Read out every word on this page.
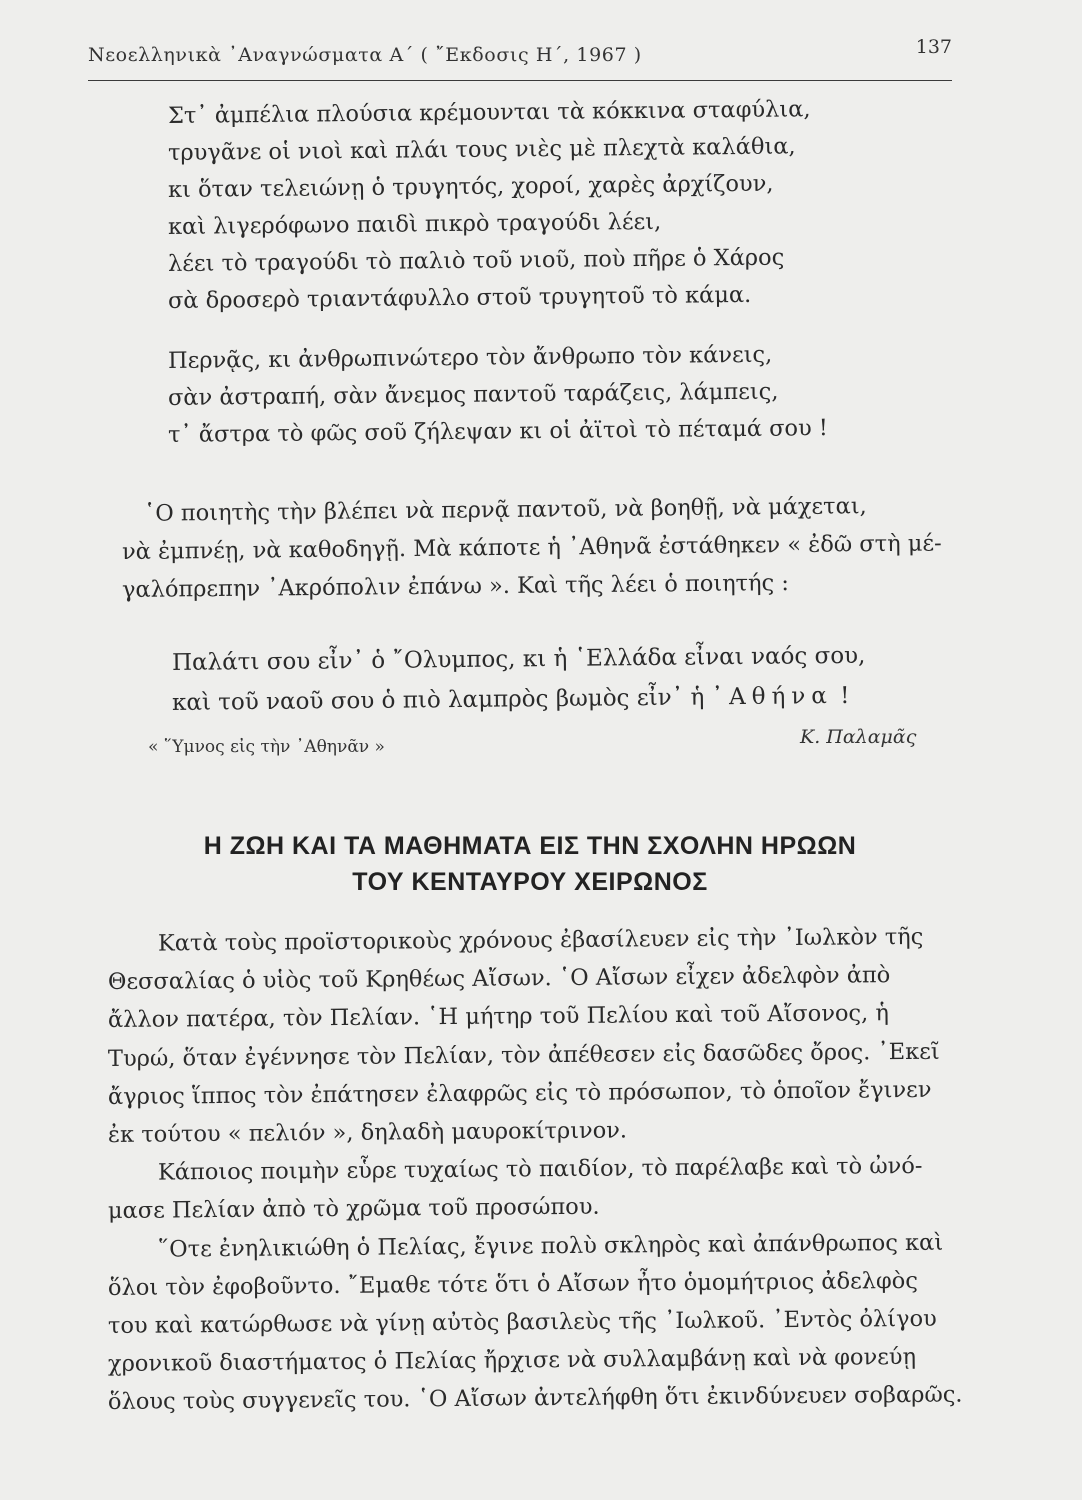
Νεοελληνικὰ ᾿Αναγνώσματα Α΄ ( ῎Εκδοσις Η΄, 1967 )	137
Στ᾿ ἀμπέλια πλούσια κρέμουνται τὰ κόκκινα σταφύλια,
τρυγᾶνε οἱ νιοὶ καὶ πλάι τους νιὲς μὲ πλεχτὰ καλάθια,
κι ὅταν τελειώνῃ ὁ τρυγητός, χοροί, χαρὲς ἀρχίζουν,
καὶ λιγερόφωνο παιδὶ πικρὸ τραγούδι λέει,
λέει τὸ τραγούδι τὸ παλιὸ τοῦ νιοῦ, ποὺ πῆρε ὁ Χάρος
σὰ δροσερὸ τριαντάφυλλο στοῦ τρυγητοῦ τὸ κάμα.
Περνᾷς, κι ἀνθρωπινώτερο τὸν ἄνθρωπο τὸν κάνεις,
σὰν ἀστραπή, σὰν ἄνεμος παντοῦ ταράζεις, λάμπεις,
τ᾿ ἄστρα τὸ φῶς σοῦ ζήλεψαν κι οἱ ἀϊτοὶ τὸ πέταμά σου !
῾Ο ποιητὴς τὴν βλέπει νὰ περνᾷ παντοῦ, νὰ βοηθῇ, νὰ μάχεται,
νὰ ἐμπνέῃ, νὰ καθοδηγῇ. Μὰ κάποτε ἡ ᾿Αθηνᾶ ἐστάθηκεν « ἐδῶ στὴ μέ-
γαλόπρεπην ᾿Ακρόπολιν ἐπάνω ». Καὶ τῆς λέει ὁ ποιητής :
Παλάτι σου εἶν᾿ ὁ ῎Ολυμπος, κι ἡ ῾Ελλάδα εἶναι ναός σου,
καὶ τοῦ ναοῦ σου ὁ πιὸ λαμπρὸς βωμὸς εἶν᾿ ἡ ᾿Αθήνα !
Κ. Παλαμᾶς
« ῞Υμνος εἰς τὴν ᾿Αθηνᾶν »
Η ΖΩΗ ΚΑΙ ΤΑ ΜΑΘΗΜΑΤΑ ΕΙΣ ΤΗΝ ΣΧΟΛΗΝ ΗΡΩΩΝ
ΤΟΥ ΚΕΝΤΑΥΡΟΥ ΧΕΙΡΩΝΟΣ
Κατὰ τοὺς προϊστορικοὺς χρόνους ἐβασίλευεν εἰς τὴν ᾿Ιωλκὸν τῆς
Θεσσαλίας ὁ υἱὸς τοῦ Κρηθέως Αἴσων. ῾Ο Αἴσων εἶχεν ἀδελφὸν ἀπὸ
ἄλλον πατέρα, τὸν Πελίαν. ῾Η μήτηρ τοῦ Πελίου καὶ τοῦ Αἴσονος, ἡ
Τυρώ, ὅταν ἐγέννησε τὸν Πελίαν, τὸν ἀπέθεσεν εἰς δασῶδες ὄρος. ᾿Εκεῖ
ἄγριος ἵππος τὸν ἐπάτησεν ἐλαφρῶς εἰς τὸ πρόσωπον, τὸ ὁποῖον ἔγινεν
ἐκ τούτου « πελιόν », δηλαδὴ μαυροκίτρινον.
Κάποιος ποιμὴν εὗρε τυχαίως τὸ παιδίον, τὸ παρέλαβε καὶ τὸ ὠνό-
μασε Πελίαν ἀπὸ τὸ χρῶμα τοῦ προσώπου.
῞Οτε ἐνηλικιώθη ὁ Πελίας, ἔγινε πολὺ σκληρὸς καὶ ἀπάνθρωπος καὶ
ὅλοι τὸν ἐφοβοῦντο. ῎Εμαθε τότε ὅτι ὁ Αἴσων ἦτο ὁμομήτριος ἀδελφὸς
του καὶ κατώρθωσε νὰ γίνῃ αὐτὸς βασιλεὺς τῆς ᾿Ιωλκοῦ. ᾿Εντὸς ὀλίγου
χρονικοῦ διαστήματος ὁ Πελίας ἤρχισε νὰ συλλαμβάνῃ καὶ νὰ φονεύῃ
ὅλους τοὺς συγγενεῖς του. ῾Ο Αἴσων ἀντελήφθη ὅτι ἐκινδύνευεν σοβαρῶς.
